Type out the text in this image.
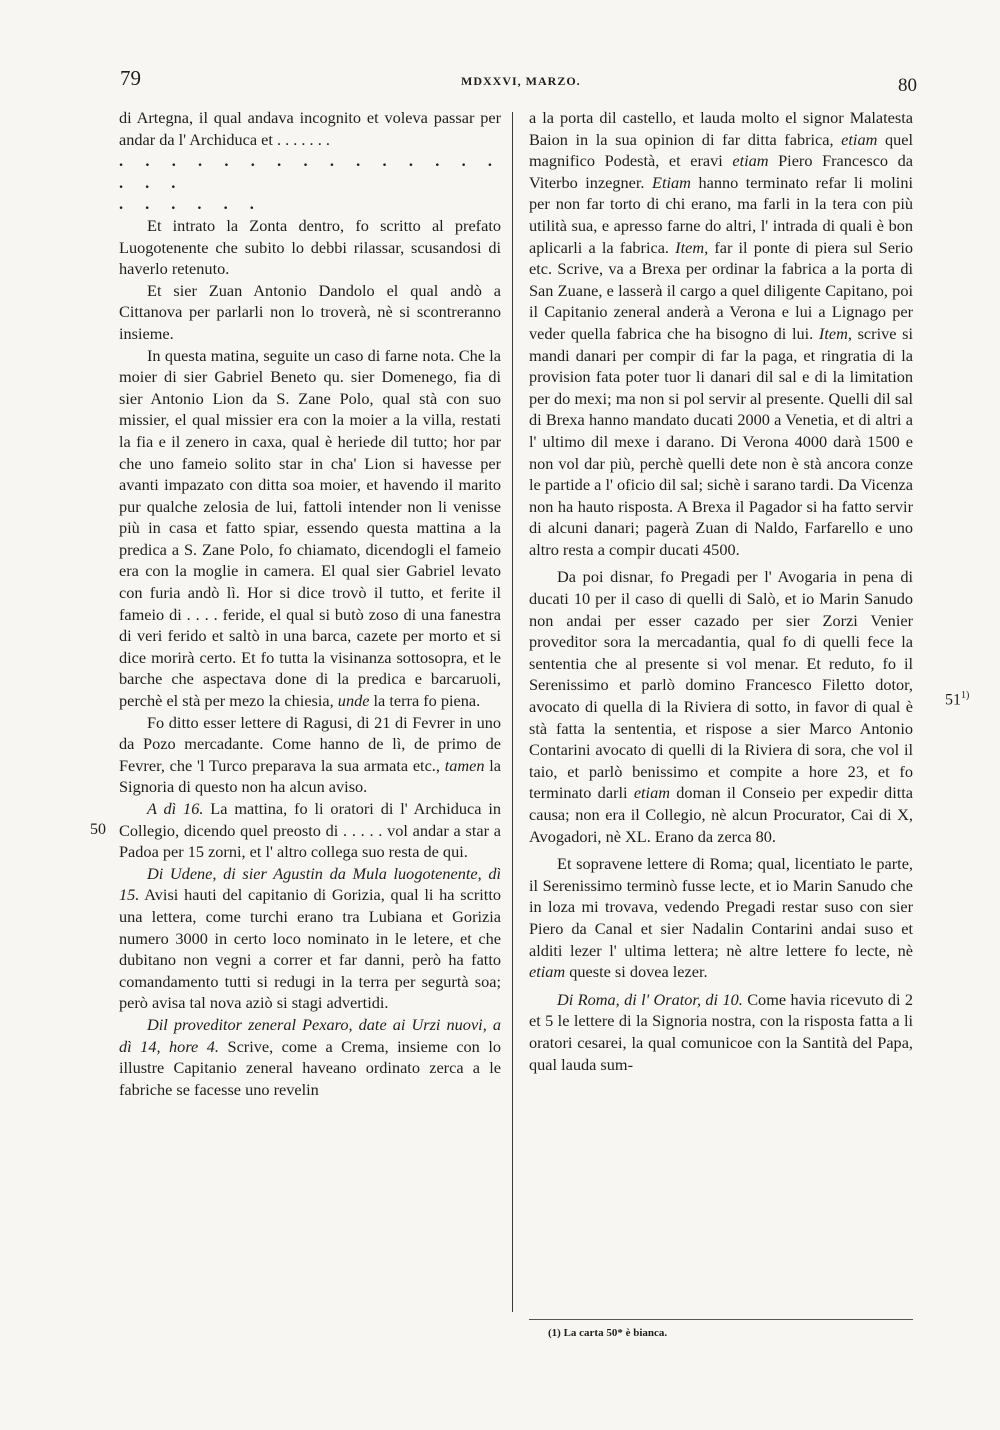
79	MDXXVI, MARZO.	80
50
51$^{1)}$

di Artegna, il qual andava incognito et voleva passar per andar da l' Archiduca et . . . . . . .

. . . . . . . . . . . . . . . . . .

. . . . . .

Et intrato la Zonta dentro, fo scritto al prefato Luogotenente che subito lo debbi rilassar, scusandosi di haverlo retenuto.

Et sier Zuan Antonio Dandolo el qual andò a Cittanova per parlarli non lo troverà, nè si scontreranno insieme.

In questa matina, seguite un caso di farne nota. Che la moier di sier Gabriel Beneto qu. sier Domenego, fia di sier Antonio Lion da S. Zane Polo, qual stà con suo missier, el qual missier era con la moier a la villa, restati la fia e il zenero in caxa, qual è heriede dil tutto; hor par che uno fameio solito star in cha' Lion si havesse per avanti impazato con ditta soa moier, et havendo il marito pur qualche zelosia de lui, fattoli intender non li venisse più in casa et fatto spiar, essendo questa mattina a la predica a S. Zane Polo, fo chiamato, dicendogli el fameio era con la moglie in camera. El qual sier Gabriel levato con furia andò lì. Hor si dice trovò il tutto, et ferite il fameio di . . . . feride, el qual si butò zoso di una fanestra di veri ferido et saltò in una barca, cazete per morto et si dice morirà certo. Et fo tutta la visinanza sottosopra, et le barche che aspectava done di la predica e barcaruoli, perchè el stà per mezo la chiesia, unde la terra fo piena.

Fo ditto esser lettere di Ragusi, di 21 di Fevrer in uno da Pozo mercadante. Come hanno de lì, de primo de Fevrer, che 'l Turco preparava la sua armata etc., tamen la Signoria di questo non ha alcun aviso.

A dì 16. La mattina, fo li oratori di l' Archiduca in Collegio, dicendo quel preosto di . . . . . vol andar a star a Padoa per 15 zorni, et l' altro collega suo resta de qui.

Di Udene, di sier Agustin da Mula luogotenente, dì 15. Avisi hauti del capitanio di Gorizia, qual li ha scritto una lettera, come turchi erano tra Lubiana et Gorizia numero 3000 in certo loco nominato in le letere, et che dubitano non vegni a correr et far danni, però ha fatto comandamento tutti si redugi in la terra per segurtà soa; però avisa tal nova aziò si stagi advertidi.

Dil proveditor zeneral Pexaro, date ai Urzi nuovi, a dì 14, hore 4. Scrive, come a Crema, insieme con lo illustre Capitanio zeneral haveano ordinato zerca a le fabriche se facesse uno revelin

a la porta dil castello, et lauda molto el signor Malatesta Baion in la sua opinion di far ditta fabrica, etiam quel magnifico Podestà, et eravi etiam Piero Francesco da Viterbo inzegner. Etiam hanno terminato refar li molini per non far torto di chi erano, ma farli in la tera con più utilità sua, e apresso farne do altri, l' intrada di quali è bon aplicarli a la fabrica. Item, far il ponte di piera sul Serio etc. Scrive, va a Brexa per ordinar la fabrica a la porta di San Zuane, e lasserà il cargo a quel diligente Capitano, poi il Capitanio zeneral anderà a Verona e lui a Lignago per veder quella fabrica che ha bisogno di lui. Item, scrive si mandi danari per compir di far la paga, et ringratia di la provision fata poter tuor li danari dil sal e di la limitation per do mexi; ma non si pol servir al presente. Quelli dil sal di Brexa hanno mandato ducati 2000 a Venetia, et di altri a l' ultimo dil mexe i darano. Di Verona 4000 darà 1500 e non vol dar più, perchè quelli dete non è stà ancora conze le partide a l' oficio dil sal; sichè i sarano tardi. Da Vicenza non ha hauto risposta. A Brexa il Pagador si ha fatto servir di alcuni danari; pagerà Zuan di Naldo, Farfarello e uno altro resta a compir ducati 4500.

Da poi disnar, fo Pregadi per l' Avogaria in pena di ducati 10 per il caso di quelli di Salò, et io Marin Sanudo non andai per esser cazado per sier Zorzi Venier proveditor sora la mercadantia, qual fo di quelli fece la sententia che al presente si vol menar. Et reduto, fo il Serenissimo et parlò domino Francesco Filetto dotor, avocato di quella di la Riviera di sotto, in favor di qual è stà fatta la sententia, et rispose a sier Marco Antonio Contarini avocato di quelli di la Riviera di sora, che vol il taio, et parlò benissimo et compite a hore 23, et fo terminato darli etiam doman il Conseio per expedir ditta causa; non era il Collegio, nè alcun Procurator, Cai di X, Avogadori, nè XL. Erano da zerca 80.

Et sopravene lettere di Roma; qual, licentiato le parte, il Serenissimo terminò fusse lecte, et io Marin Sanudo che in loza mi trovava, vedendo Pregadi restar suso con sier Piero da Canal et sier Nadalin Contarini andai suso et alditi lezer l' ultima lettera; nè altre lettere fo lecte, nè etiam queste si dovea lezer.

Di Roma, di l' Orator, di 10. Come havia ricevuto di 2 et 5 le lettere di la Signoria nostra, con la risposta fatta a li oratori cesarei, la qual comunicoe con la Santità del Papa, qual lauda sum-

(1) La carta 50* è bianca.
